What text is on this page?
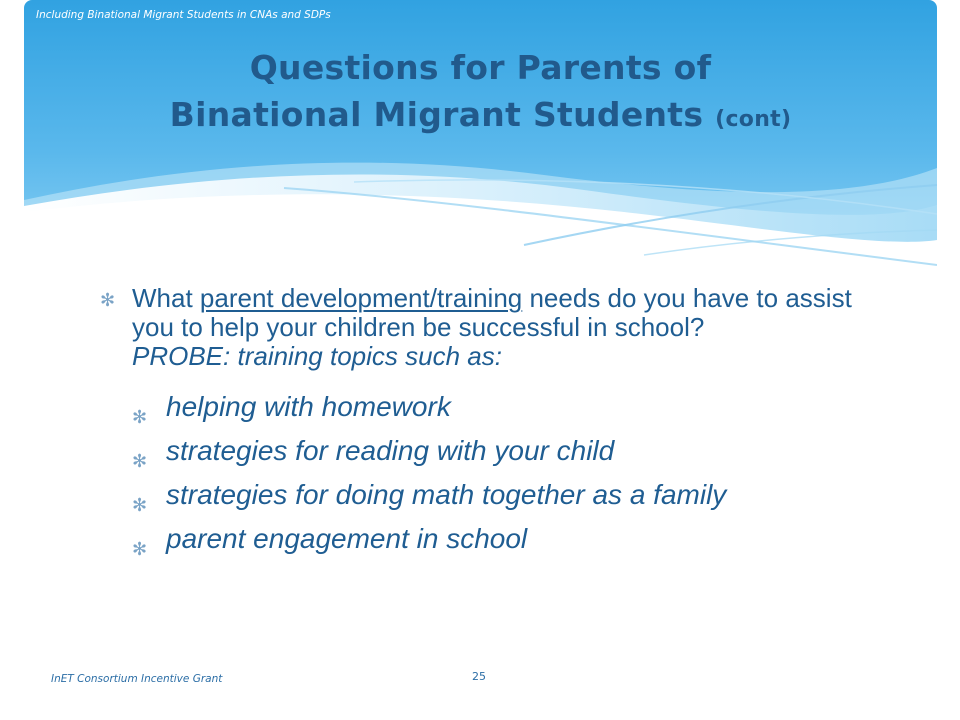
Including Binational Migrant Students in CNAs and SDPs
Questions for Parents of
Binational Migrant Students (cont)
✻ What parent development/training needs do you have to assist you to help your children be successful in school?
PROBE: training topics such as:
✻ helping with homework
✻ strategies for reading with your child
✻ strategies for doing math together as a family
✻ parent engagement in school
InET Consortium Incentive Grant	25
